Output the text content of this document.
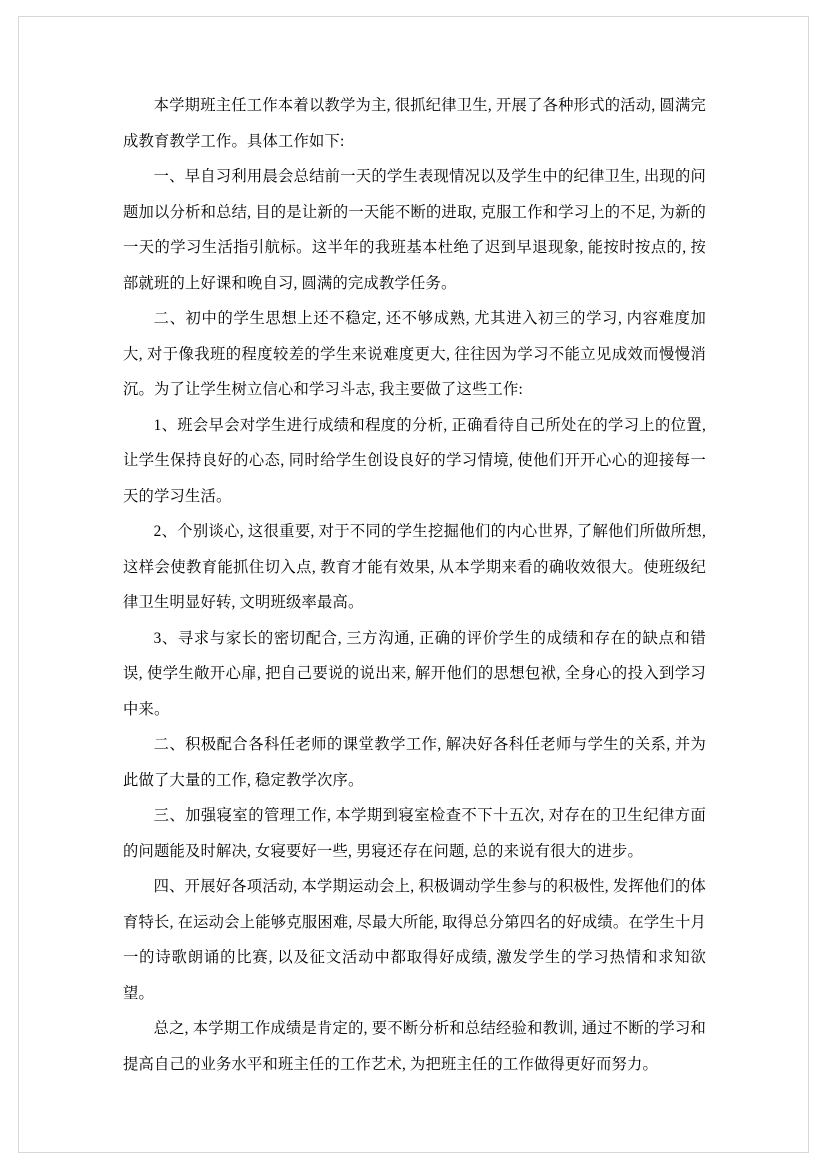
本学期班主任工作本着以教学为主, 很抓纪律卫生, 开展了各种形式的活动, 圆满完成教育教学工作。具体工作如下:

一、早自习利用晨会总结前一天的学生表现情况以及学生中的纪律卫生, 出现的问题加以分析和总结, 目的是让新的一天能不断的进取, 克服工作和学习上的不足, 为新的一天的学习生活指引航标。这半年的我班基本杜绝了迟到早退现象, 能按时按点的, 按部就班的上好课和晚自习, 圆满的完成教学任务。

二、初中的学生思想上还不稳定, 还不够成熟, 尤其进入初三的学习, 内容难度加大, 对于像我班的程度较差的学生来说难度更大, 往往因为学习不能立见成效而慢慢消沉。为了让学生树立信心和学习斗志, 我主要做了这些工作:

1、班会早会对学生进行成绩和程度的分析, 正确看待自己所处在的学习上的位置, 让学生保持良好的心态, 同时给学生创设良好的学习情境, 使他们开开心心的迎接每一天的学习生活。

2、个别谈心, 这很重要, 对于不同的学生挖掘他们的内心世界, 了解他们所做所想, 这样会使教育能抓住切入点, 教育才能有效果, 从本学期来看的确收效很大。使班级纪律卫生明显好转, 文明班级率最高。

3、寻求与家长的密切配合, 三方沟通, 正确的评价学生的成绩和存在的缺点和错误, 使学生敞开心扉, 把自己要说的说出来, 解开他们的思想包袱, 全身心的投入到学习中来。

二、积极配合各科任老师的课堂教学工作, 解决好各科任老师与学生的关系, 并为此做了大量的工作, 稳定教学次序。

三、加强寝室的管理工作, 本学期到寝室检查不下十五次, 对存在的卫生纪律方面的问题能及时解决, 女寝要好一些, 男寝还存在问题, 总的来说有很大的进步。

四、开展好各项活动, 本学期运动会上, 积极调动学生参与的积极性, 发挥他们的体育特长, 在运动会上能够克服困难, 尽最大所能, 取得总分第四名的好成绩。在学生十月一的诗歌朗诵的比赛, 以及征文活动中都取得好成绩, 激发学生的学习热情和求知欲望。

总之, 本学期工作成绩是肯定的, 要不断分析和总结经验和教训, 通过不断的学习和提高自己的业务水平和班主任的工作艺术, 为把班主任的工作做得更好而努力。
